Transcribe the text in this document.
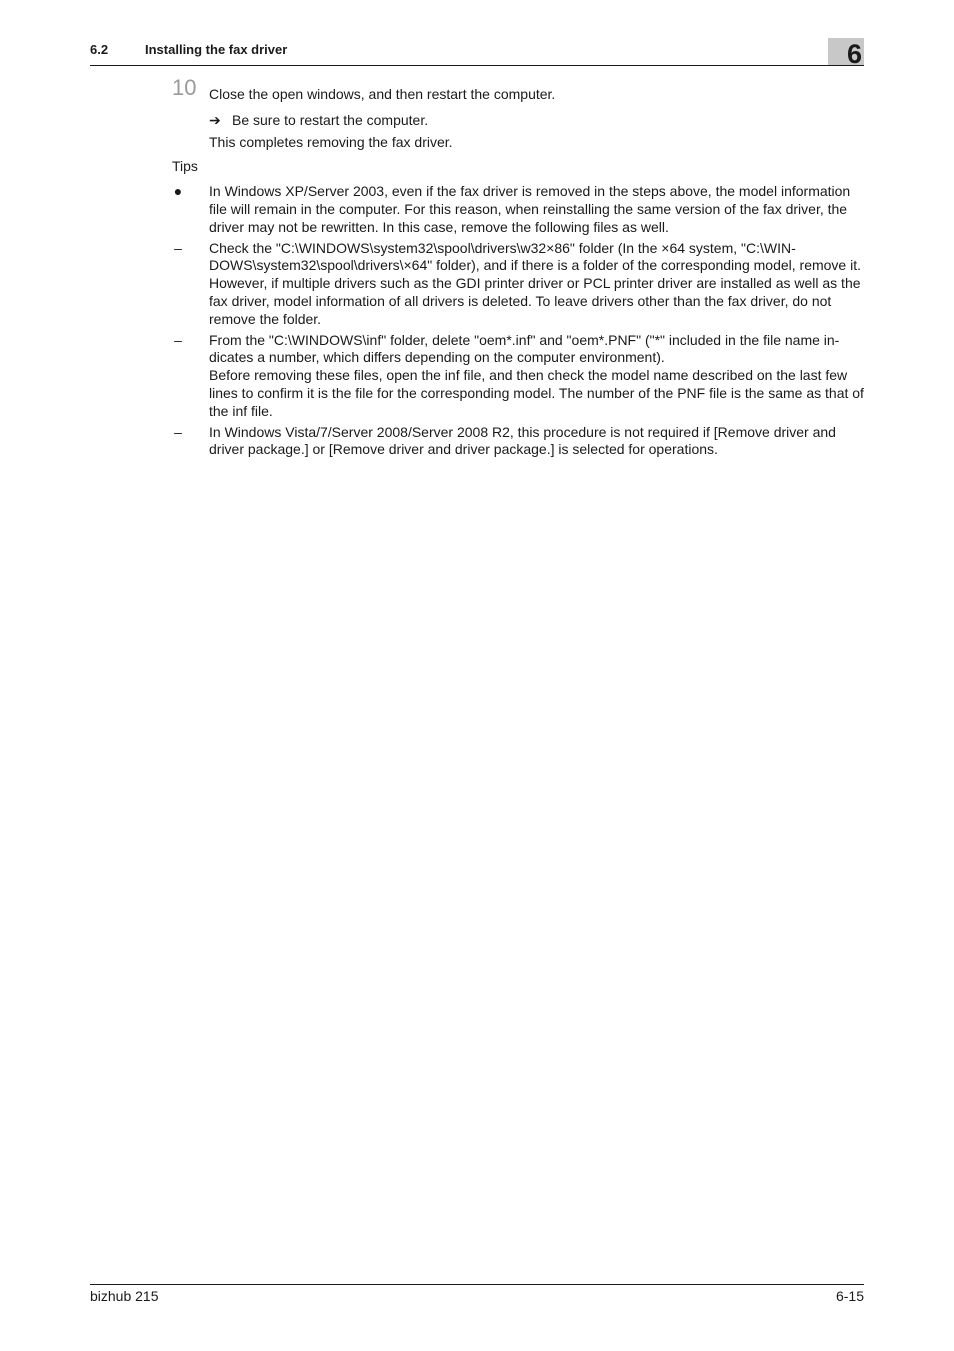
6.2	Installing the fax driver	6
10 Close the open windows, and then restart the computer.
➔ Be sure to restart the computer.
This completes removing the fax driver.
Tips
● In Windows XP/Server 2003, even if the fax driver is removed in the steps above, the model information file will remain in the computer. For this reason, when reinstalling the same version of the fax driver, the driver may not be rewritten. In this case, remove the following files as well.

– Check the "C:\WINDOWS\system32\spool\drivers\w32×86" folder (In the ×64 system, "C:\WIN-DOWS\system32\spool\drivers\×64" folder), and if there is a folder of the corresponding model, remove it. However, if multiple drivers such as the GDI printer driver or PCL printer driver are installed as well as the fax driver, model information of all drivers is deleted. To leave drivers other than the fax driver, do not remove the folder.

– From the "C:\WINDOWS\inf" folder, delete "oem*.inf" and "oem*.PNF" ("*" included in the file name in-dicates a number, which differs depending on the computer environment).

Before removing these files, open the inf file, and then check the model name described on the last few lines to confirm it is the file for the corresponding model. The number of the PNF file is the same as that of the inf file.

– In Windows Vista/7/Server 2008/Server 2008 R2, this procedure is not required if [Remove driver and driver package.] or [Remove driver and driver package.] is selected for operations.

bizhub 215	6-15
